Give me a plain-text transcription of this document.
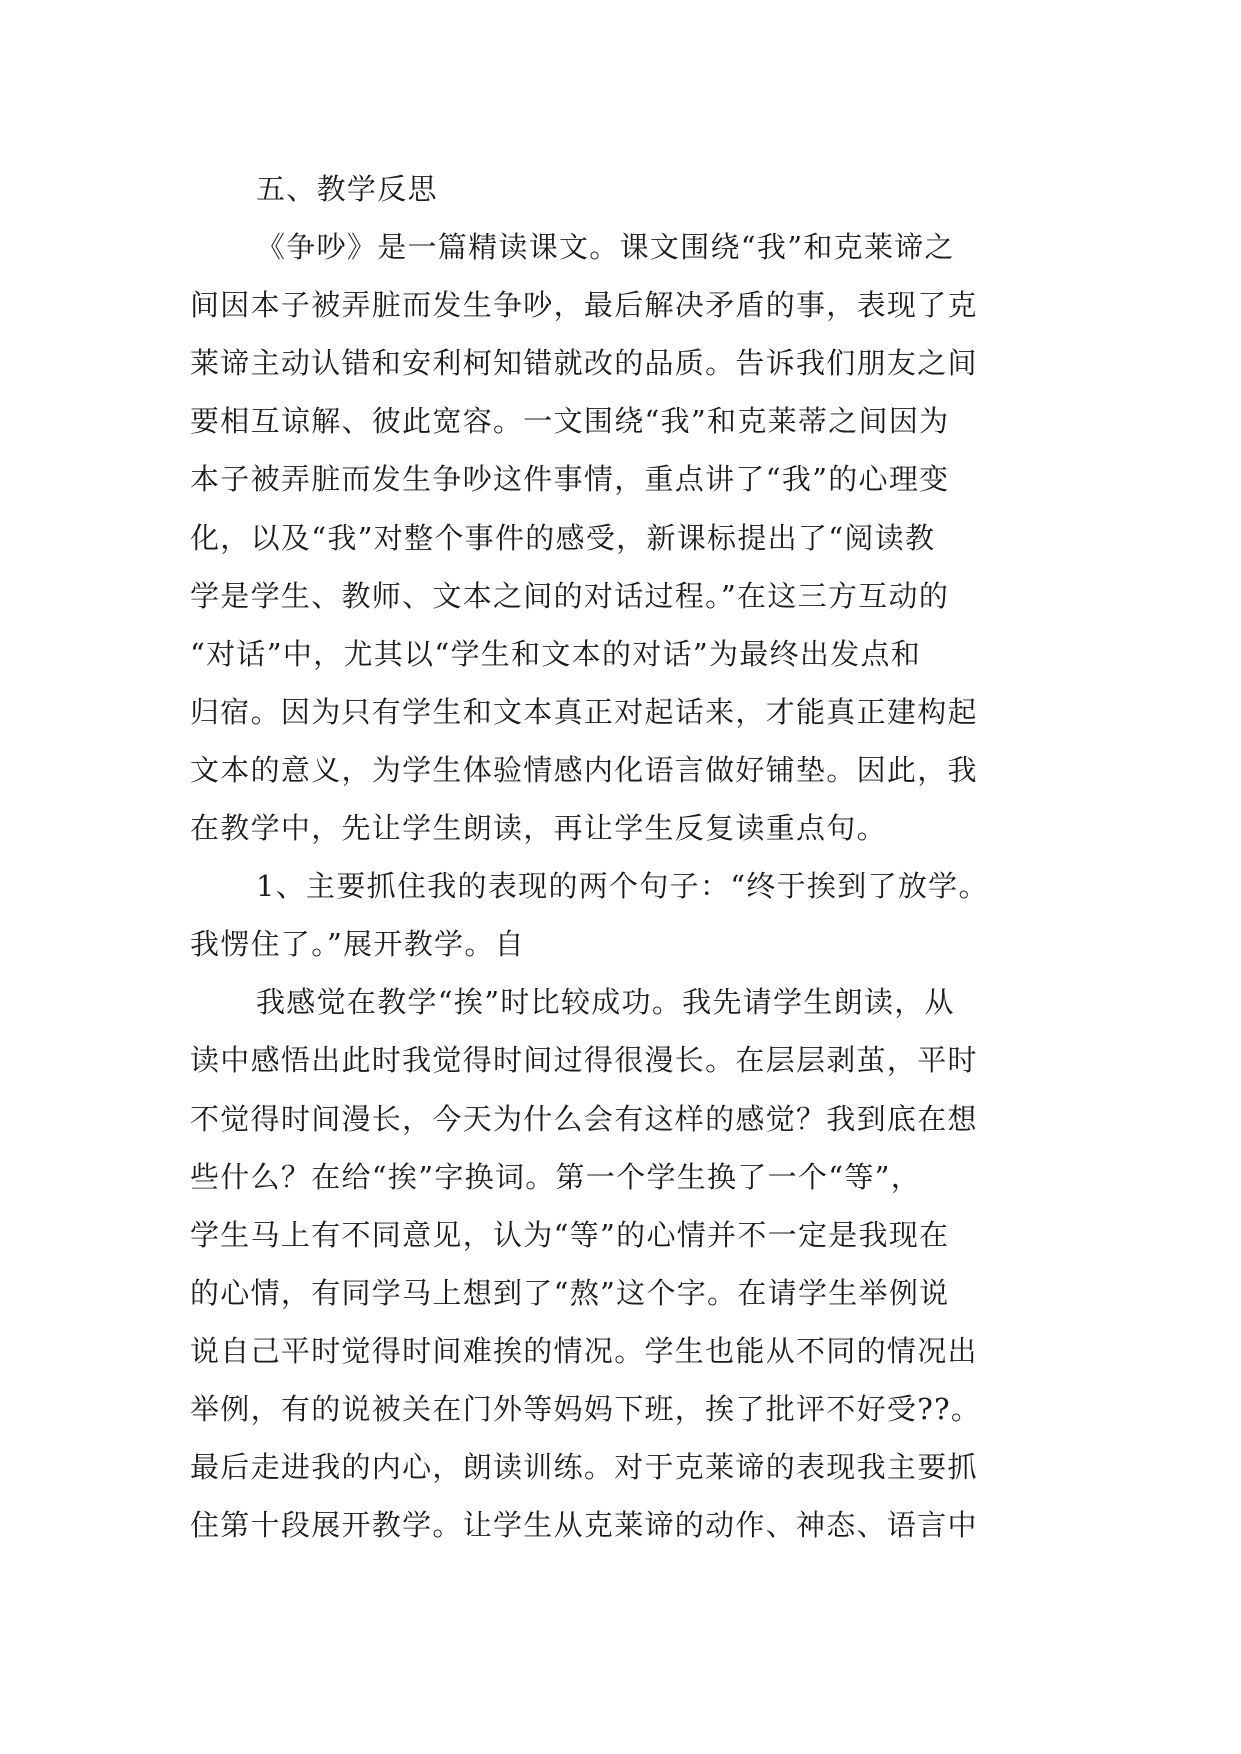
五、教学反思
《争吵》是一篇精读课文。课文围绕“我”和克莱谛之
间因本子被弄脏而发生争吵，最后解决矛盾的事，表现了克
莱谛主动认错和安利柯知错就改的品质。告诉我们朋友之间
要相互谅解、彼此宽容。一文围绕“我”和克莱蒂之间因为
本子被弄脏而发生争吵这件事情，重点讲了“我”的心理变
化，以及“我”对整个事件的感受，新课标提出了“阅读教
学是学生、教师、文本之间的对话过程。”在这三方互动的
“对话”中，尤其以“学生和文本的对话”为最终出发点和
归宿。因为只有学生和文本真正对起话来，才能真正建构起
文本的意义，为学生体验情感内化语言做好铺垫。因此，我
在教学中，先让学生朗读，再让学生反复读重点句。
1、主要抓住我的表现的两个句子：“终于挨到了放学。
我愣住了。”展开教学。自
我感觉在教学“挨”时比较成功。我先请学生朗读，从
读中感悟出此时我觉得时间过得很漫长。在层层剥茧，平时
不觉得时间漫长，今天为什么会有这样的感觉？我到底在想
些什么？在给“挨”字换词。第一个学生换了一个“等”，
学生马上有不同意见，认为“等”的心情并不一定是我现在
的心情，有同学马上想到了“熬”这个字。在请学生举例说
说自己平时觉得时间难挨的情况。学生也能从不同的情况出
举例，有的说被关在门外等妈妈下班，挨了批评不好受??。
最后走进我的内心，朗读训练。对于克莱谛的表现我主要抓
住第十段展开教学。让学生从克莱谛的动作、神态、语言中
